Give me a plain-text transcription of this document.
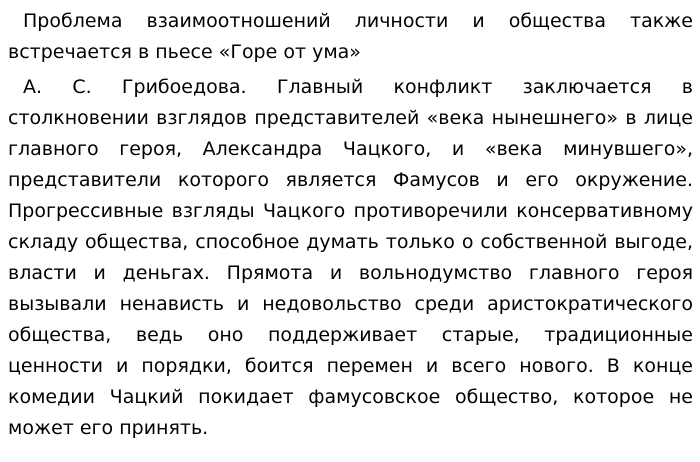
Проблема взаимоотношений личности и общества также встречается в пьесе «Горе от ума»

А. С. Грибоедова. Главный конфликт заключается в столкновении взглядов представителей «века нынешнего» в лице главного героя, Александра Чацкого, и «века минувшего», представители которого является Фамусов и его окружение. Прогрессивные взгляды Чацкого противоречили консервативному складу общества, способное думать только о собственной выгоде, власти и деньгах. Прямота и вольнодумство главного героя вызывали ненависть и недовольство среди аристократического общества, ведь оно поддерживает старые, традиционные ценности и порядки, боится перемен и всего нового. В конце комедии Чацкий покидает фамусовское общество, которое не может его принять.
